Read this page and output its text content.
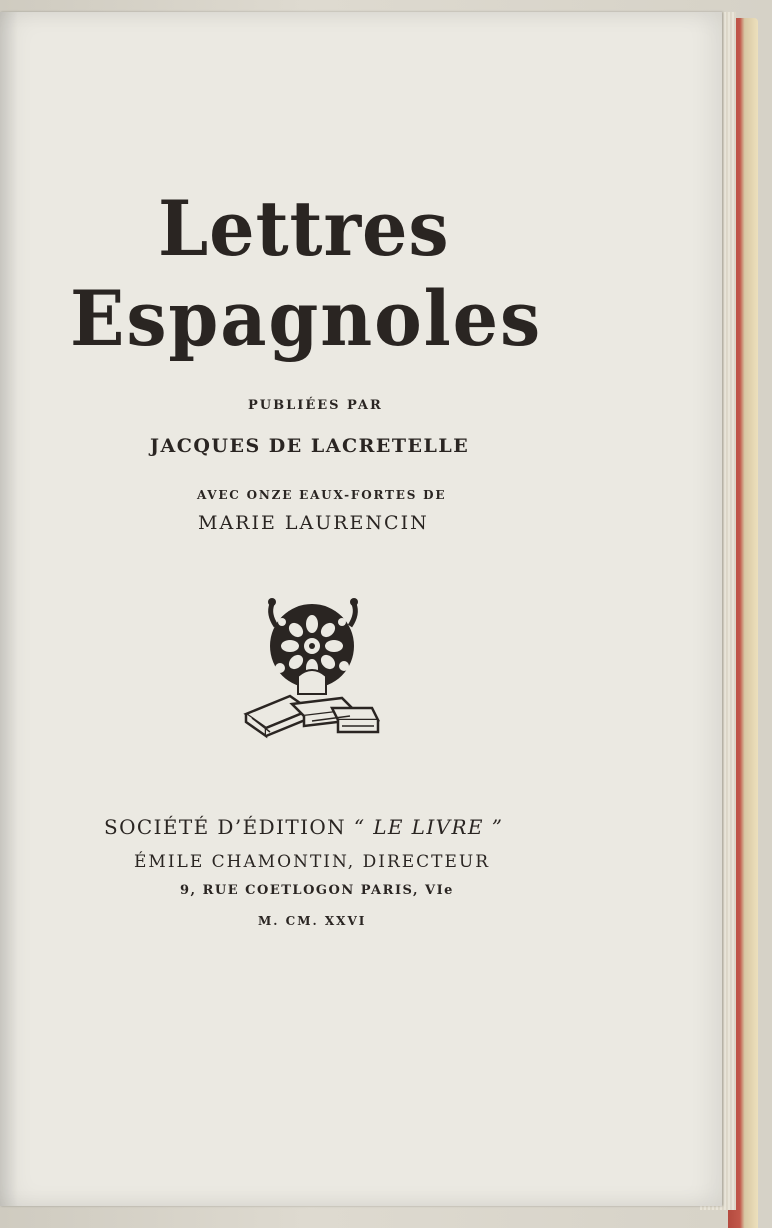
Lettres
Espagnoles
PUBLIÉES PAR
JACQUES DE LACRETELLE
AVEC ONZE EAUX-FORTES DE
MARIE LAURENCIN
SOCIÉTÉ D’ÉDITION “ LE LIVRE ”
ÉMILE CHAMONTIN, DIRECTEUR
9, RUE COETLOGON PARIS, VIe
M. CM. XXVI
